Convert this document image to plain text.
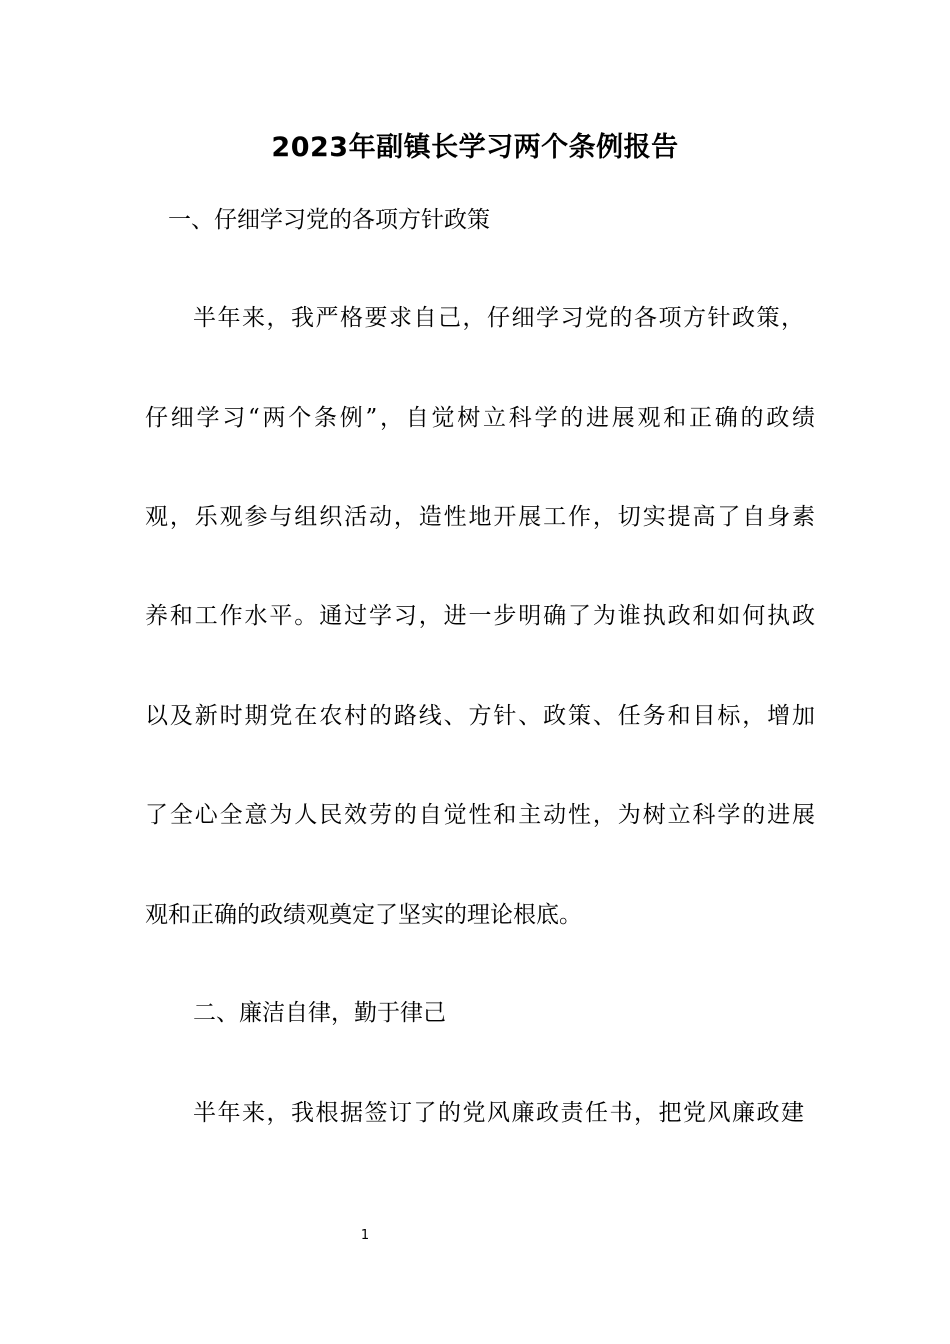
2023年副镇长学习两个条例报告
一、仔细学习党的各项方针政策
半年来，我严格要求自己，仔细学习党的各项方针政策，
仔细学习“两个条例”，自觉树立科学的进展观和正确的政绩
观，乐观参与组织活动，造性地开展工作，切实提高了自身素
养和工作水平。通过学习，进一步明确了为谁执政和如何执政
以及新时期党在农村的路线、方针、政策、任务和目标，增加
了全心全意为人民效劳的自觉性和主动性，为树立科学的进展
观和正确的政绩观奠定了坚实的理论根底。
二、廉洁自律，勤于律己
半年来，我根据签订了的党风廉政责任书，把党风廉政建
1
